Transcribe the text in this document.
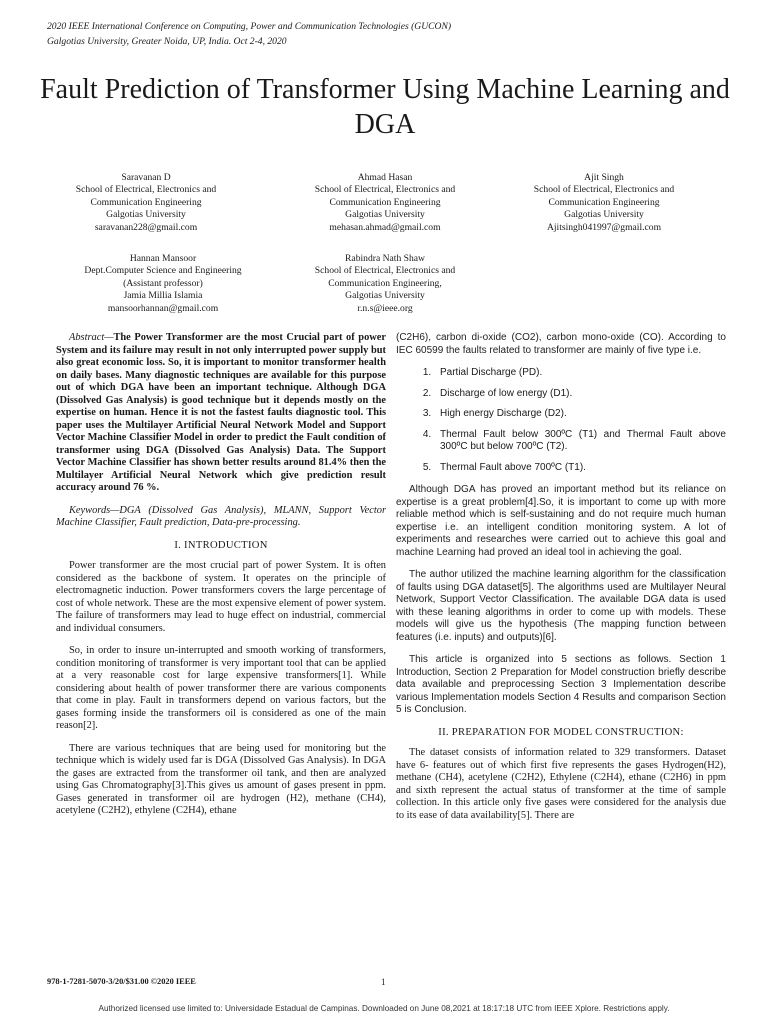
2020 IEEE International Conference on Computing, Power and Communication Technologies (GUCON)
Galgotias University, Greater Noida, UP, India. Oct 2-4, 2020
Fault Prediction of Transformer Using Machine Learning and DGA
Saravanan D
School of Electrical, Electronics and
Communication Engineering
Galgotias University
saravanan228@gmail.com
Ahmad Hasan
School of Electrical, Electronics and
Communication Engineering
Galgotias University
mehasan.ahmad@gmail.com
Ajit Singh
School of Electrical, Electronics and
Communication Engineering
Galgotias University
Ajitsingh041997@gmail.com
Hannan Mansoor
Dept.Computer Science and Engineering
(Assistant professor)
Jamia Millia Islamia
mansoorhannan@gmail.com
Rabindra Nath Shaw
School of Electrical, Electronics and
Communication Engineering,
Galgotias University
r.n.s@ieee.org

Abstract—The Power Transformer are the most Crucial part of power System and its failure may result in not only interrupted power supply but also great economic loss. So, it is important to monitor transformer health on daily bases. Many diagnostic techniques are available for this purpose out of which DGA have been an important technique. Although DGA (Dissolved Gas Analysis) is good technique but it depends mostly on the expertise on human. Hence it is not the fastest faults diagnostic tool. This paper uses the Multilayer Artificial Neural Network Model and Support Vector Machine Classifier Model in order to predict the Fault condition of transformer using DGA (Dissolved Gas Analysis) Data. The Support Vector Machine Classifier has shown better results around 81.4% then the Multilayer Artificial Neural Network which give prediction result accuracy around 76 %.

Keywords—DGA (Dissolved Gas Analysis), MLANN, Support Vector Machine Classifier, Fault prediction, Data-pre-processing.

I. INTRODUCTION

Power transformer are the most crucial part of power System. It is often considered as the backbone of system. It operates on the principle of electromagnetic induction. Power transformers covers the large percentage of cost of whole network. These are the most expensive element of power system. The failure of transformers may lead to huge effect on industrial, commercial and individual consumers.

So, in order to insure un-interrupted and smooth working of transformers, condition monitoring of transformer is very important tool that can be applied at a very reasonable cost for large expensive transformers[1]. While considering about health of power transformer there are various components that come in play. Fault in transformers depend on various factors, but the gases forming inside the transformers oil is considered as one of the main reason[2].

There are various techniques that are being used for monitoring but the technique which is widely used far is DGA (Dissolved Gas Analysis). In DGA the gases are extracted from the transformer oil tank, and then are analyzed using Gas Chromatography[3].This gives us amount of gases present in ppm. Gases generated in transformer oil are hydrogen (H2), methane (CH4), acetylene (C2H2), ethylene (C2H4), ethane

(C2H6), carbon di-oxide (CO2), carbon mono-oxide (CO). According to IEC 60599 the faults related to transformer are mainly of five type i.e.

1. Partial Discharge (PD).
2. Discharge of low energy (D1).
3. High energy Discharge (D2).
4. Thermal Fault below 300ºC (T1) and Thermal Fault above 300ºC but below 700ºC (T2).
5. Thermal Fault above 700ºC (T1).

Although DGA has proved an important method but its reliance on expertise is a great problem[4].So, it is important to come up with more reliable method which is self-sustaining and do not require much human expertise i.e. an intelligent condition monitoring system. A lot of experiments and researches were carried out to achieve this goal and machine Learning had proved an ideal tool in achieving the goal.

The author utilized the machine learning algorithm for the classification of faults using DGA dataset[5]. The algorithms used are Multilayer Neural Network, Support Vector Classification. The available DGA data is used with these leaning algorithms in order to come up with models. These models will give us the hypothesis (The mapping function between features (i.e. inputs) and outputs)[6].

This article is organized into 5 sections as follows. Section 1 Introduction, Section 2 Preparation for Model construction briefly describe data available and preprocessing Section 3 Implementation describe various Implementation models Section 4 Results and comparison Section 5 is Conclusion.

II. PREPARATION FOR MODEL CONSTRUCTION:

The dataset consists of information related to 329 transformers. Dataset have 6- features out of which first five represents the gases Hydrogen(H2), methane (CH4), acetylene (C2H2), Ethylene (C2H4), ethane (C2H6) in ppm and sixth represent the actual status of transformer at the time of sample collection. In this article only five gases were considered for the analysis due to its ease of data availability[5]. There are

978-1-7281-5070-3/20/$31.00 ©2020 IEEE	1
Authorized licensed use limited to: Universidade Estadual de Campinas. Downloaded on June 08,2021 at 18:17:18 UTC from IEEE Xplore. Restrictions apply.
